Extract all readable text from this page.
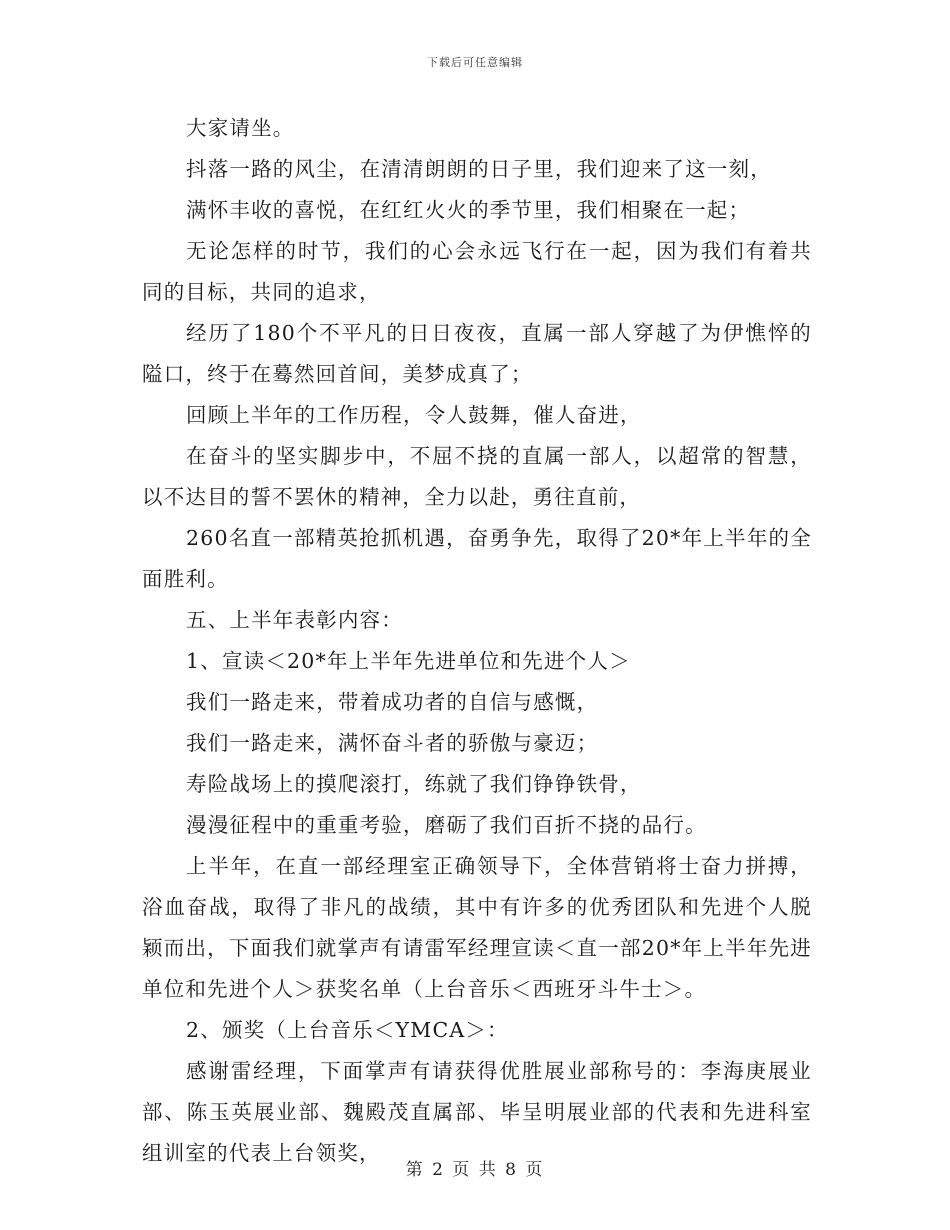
下载后可任意编辑

大家请坐。

抖落一路的风尘，在清清朗朗的日子里，我们迎来了这一刻，

满怀丰收的喜悦，在红红火火的季节里，我们相聚在一起；

无论怎样的时节，我们的心会永远飞行在一起，因为我们有着共同的目标，共同的追求，

经历了180个不平凡的日日夜夜，直属一部人穿越了为伊憔悴的隘口，终于在蓦然回首间，美梦成真了；

回顾上半年的工作历程，令人鼓舞，催人奋进，

在奋斗的坚实脚步中，不屈不挠的直属一部人，以超常的智慧，以不达目的誓不罢休的精神，全力以赴，勇往直前，

260名直一部精英抢抓机遇，奋勇争先，取得了20*年上半年的全面胜利。

五、上半年表彰内容：

1、宣读＜20*年上半年先进单位和先进个人＞

我们一路走来，带着成功者的自信与感慨，

我们一路走来，满怀奋斗者的骄傲与豪迈；

寿险战场上的摸爬滚打，练就了我们铮铮铁骨，

漫漫征程中的重重考验，磨砺了我们百折不挠的品行。

上半年，在直一部经理室正确领导下，全体营销将士奋力拼搏，浴血奋战，取得了非凡的战绩，其中有许多的优秀团队和先进个人脱颖而出，下面我们就掌声有请雷军经理宣读＜直一部20*年上半年先进单位和先进个人＞获奖名单（上台音乐＜西班牙斗牛士＞。

2、颁奖（上台音乐＜YMCA＞：

感谢雷经理，下面掌声有请获得优胜展业部称号的：李海庚展业部、陈玉英展业部、魏殿茂直属部、毕呈明展业部的代表和先进科室组训室的代表上台领奖，

第 2 页 共 8 页
